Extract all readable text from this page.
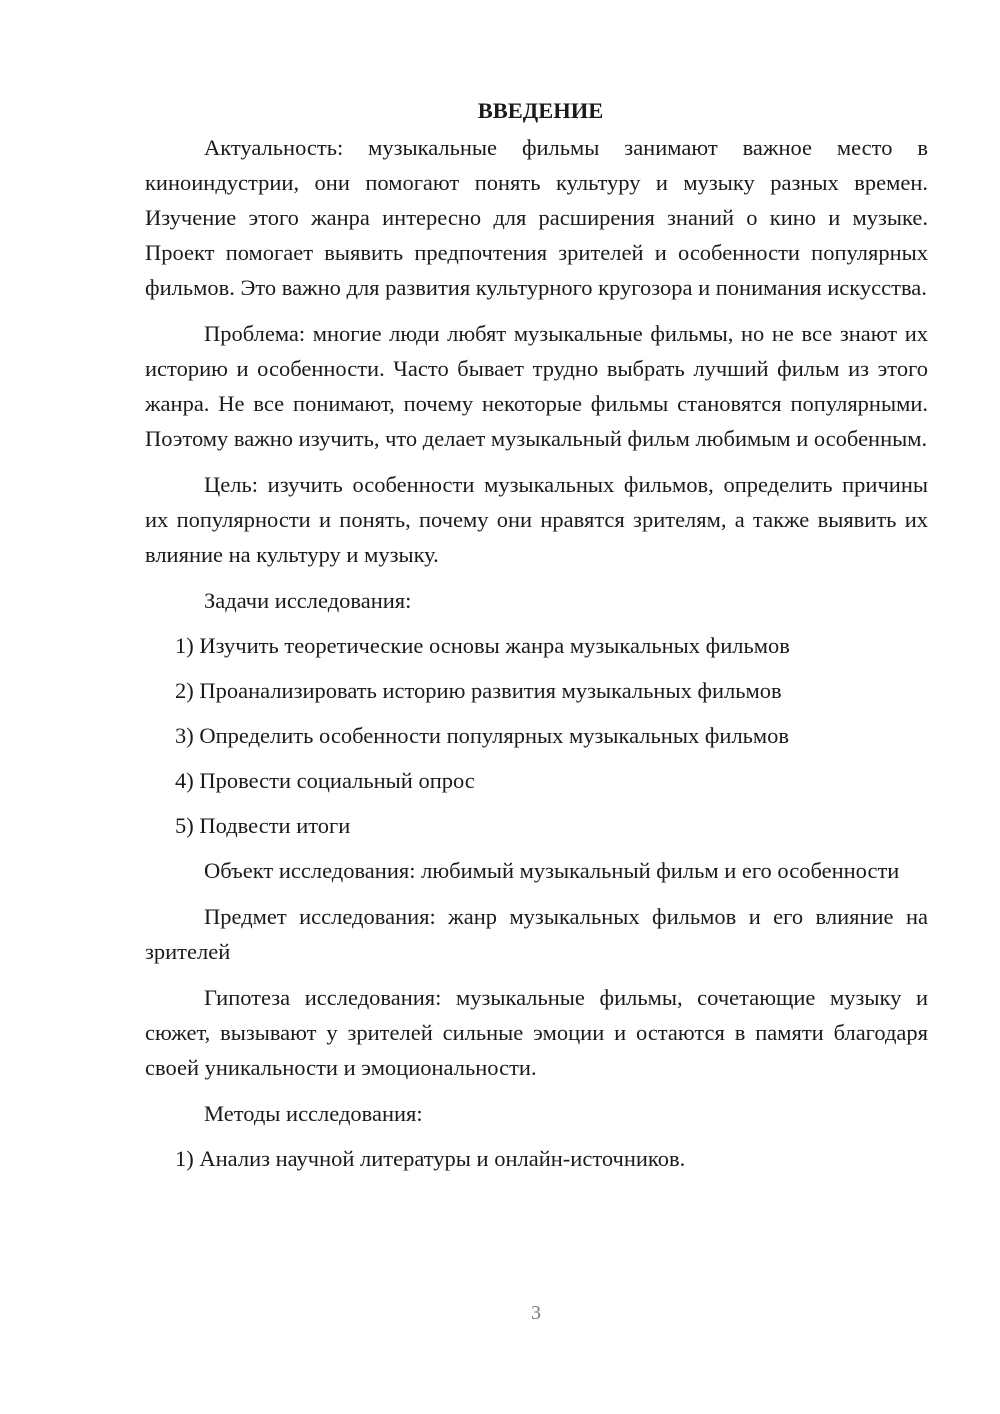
ВВЕДЕНИЕ

Актуальность: музыкальные фильмы занимают важное место в киноиндустрии, они помогают понять культуру и музыку разных времен. Изучение этого жанра интересно для расширения знаний о кино и музыке. Проект помогает выявить предпочтения зрителей и особенности популярных фильмов. Это важно для развития культурного кругозора и понимания искусства.

Проблема: многие люди любят музыкальные фильмы, но не все знают их историю и особенности. Часто бывает трудно выбрать лучший фильм из этого жанра. Не все понимают, почему некоторые фильмы становятся популярными. Поэтому важно изучить, что делает музыкальный фильм любимым и особенным.

Цель: изучить особенности музыкальных фильмов, определить причины их популярности и понять, почему они нравятся зрителям, а также выявить их влияние на культуру и музыку.

Задачи исследования:
1) Изучить теоретические основы жанра музыкальных фильмов
2) Проанализировать историю развития музыкальных фильмов
3) Определить особенности популярных музыкальных фильмов
4) Провести социальный опрос
5) Подвести итоги

Объект исследования: любимый музыкальный фильм и его особенности

Предмет исследования: жанр музыкальных фильмов и его влияние на зрителей

Гипотеза исследования: музыкальные фильмы, сочетающие музыку и сюжет, вызывают у зрителей сильные эмоции и остаются в памяти благодаря своей уникальности и эмоциональности.

Методы исследования:
1) Анализ научной литературы и онлайн-источников.
3
